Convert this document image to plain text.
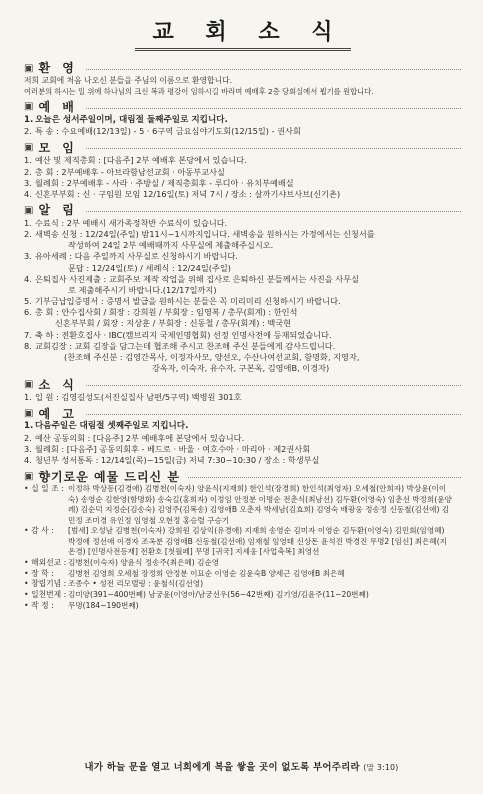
교 회 소 식
▣ 환 영

저희 교회에 처음 나오신 분들을 주님의 이름으로 환영합니다.

여러분의 하시는 일 위에 하나님의 크신 복과 평강이 임하시길 바라며 예배후 2층 당회실에서 뵙기를 원합니다.

▣ 예 배
1. 오늘은 성서주일이며, 대림절 둘째주일로 지킵니다.
2. 특 송 : 수요예배(12/13일) - 5 · 6구역 금요심야기도회(12/15일) - 권사회
▣ 모 임
1. 예산 및 제직총회 : [다음주] 2부 예배후 본당에서 있습니다.
2. 총 회 : 2부예배후 - 아브라함남선교회 · 아동부교사실
3. 월례회 : 2부예배후 - 사라 · 주방실 / 제직총회후 - 루디아 · 유치부예배실
4. 신혼부부회 : 신 · 구임원 모임 12/16일(토) 저녁 7시 / 장소 : 살까기샤브사브(신기촌)
▣ 알 림
1. 수료식 : 2부 예배시 새가족정착반 수료식이 있습니다.
2. 새벽송 신청 : 12/24일(주일) 밤11시~1시까지입니다. 새벽송을 원하시는 가정에서는 신청서를
작성하여 24일 2부 예배때까지 사무실에 제출해주십시오.
3. 유아세례 : 다음 주일까지 사무실로 신청하시기 바랍니다.
문답 : 12/24일(토) / 세례식 : 12/24일(주일)
4. 은퇴집사 사진제출 : 교회주보 제작 작업을 위해 집사로 은퇴하신 분들께서는 사진을 사무실
로 제출해주시기 바랍니다.(12/17일까지)
5. 기부금납입증명서 : 증명서 발급을 원하시는 분들은 꼭 미리미리 신청하시기 바랍니다.
6. 총 회 : 안수집사회 / 회장 : 강희원 / 부회장 : 임영복 / 총무(회계) : 한인석
신혼부부회 / 회장 : 지상훈 / 부회장 : 신동철 / 총무(회계) : 백국현
7. 축 하 : 전환호집사 · IBC(캠브리지 국제인명협회) 선정 인명사전에 등재되었습니다.
8. 교회김장 : 교회 김장을 담그는데 협조해 주시고 찬조해 주신 분들에게 감사드립니다.
(찬조해 주신분 : 김영간목사, 이정자사모, 양선오, 수산나여선교회, 함명화, 지영자,
강옥자, 이숙자, 유수자, 구본옥, 김영애B, 이경자)
▣ 소 식
1. 입 원 : 김영길성도(서진실집사 남편/5구역) 백병원 301호
▣ 예 고
1. 다음주일은 대림절 셋째주일로 지킵니다.
2. 예산 공동의회 : [다음주] 2부 예배후에 본당에서 있습니다.
3. 월례회 : [다음주] 공동의회후 - 베드로 · 바울 · 여호수아 · 마리아 · 제2권사회
4. 청년부 성서통독 : 12/14일(목)~15일(금) 저녁 7:30~10:30 / 장소 : 학생부실
▣ 향기로운 예물 드리신 분
• 십 일 조 : 이정하 박상동(김경애) 김병천(이숙자) 양윤식(지재희) 한인석(장경희) 한인석(최영자) 오세철(안희자) 박상윤(이이숙) 송영순 김한영(함명화) 송숙길(홍희자) 이정임 안정분 이명순 전춘식(최남선) 김두환(이영숙) 임춘선 박정희(윤양례) 김순덕 지정순(김송숙) 김영주(김복송) 김영애B 오춘자 박세남(김효희) 김영숙 배광웅 정송정 신동철(김선애) 김민정 조미경 유인정 임영철 오현정 홍승렬 구승기
• 감 사 :	[범새] 오성남 김병천(이숙자) 강희원 김상익(유경애) 지재희 송영순 김미자 이영순 김두환(이영숙) 김민회(임영혜) 박정애 정선애 이경자 조옥분 김영애B 신동철(김선애) 임재철 임영태 신상돈 윤석진 박경진 무명2 [임신] 최은혜(지온경) [인명사전등재] 전환호 [첫월페] 무명 [귀국] 지세웅 [사업축복] 최영선
• 해외선교 : 김병천(이숙자) 양윤식 정송주(최은혜) 김순영
• 장 학 :	김병천 김영희 오세철 장정희 안정분 이묘순 이영순 김윤숙B 양세근 김영애B 최은혜
• 창립기념 : 조종수 • 성전 리모델링 : 윤철식(김선영)
• 일천번제 : 김미양(391~400번째) 남궁윤(이영아/남궁선우(56~42번째) 김기영/김윤주(11~20번째)
• 작 정 :	무명(184~190번째)
내가 하늘 문을 열고 너희에게 복을 쌓을 곳이 없도록 부어주리라 (말 3:10)
